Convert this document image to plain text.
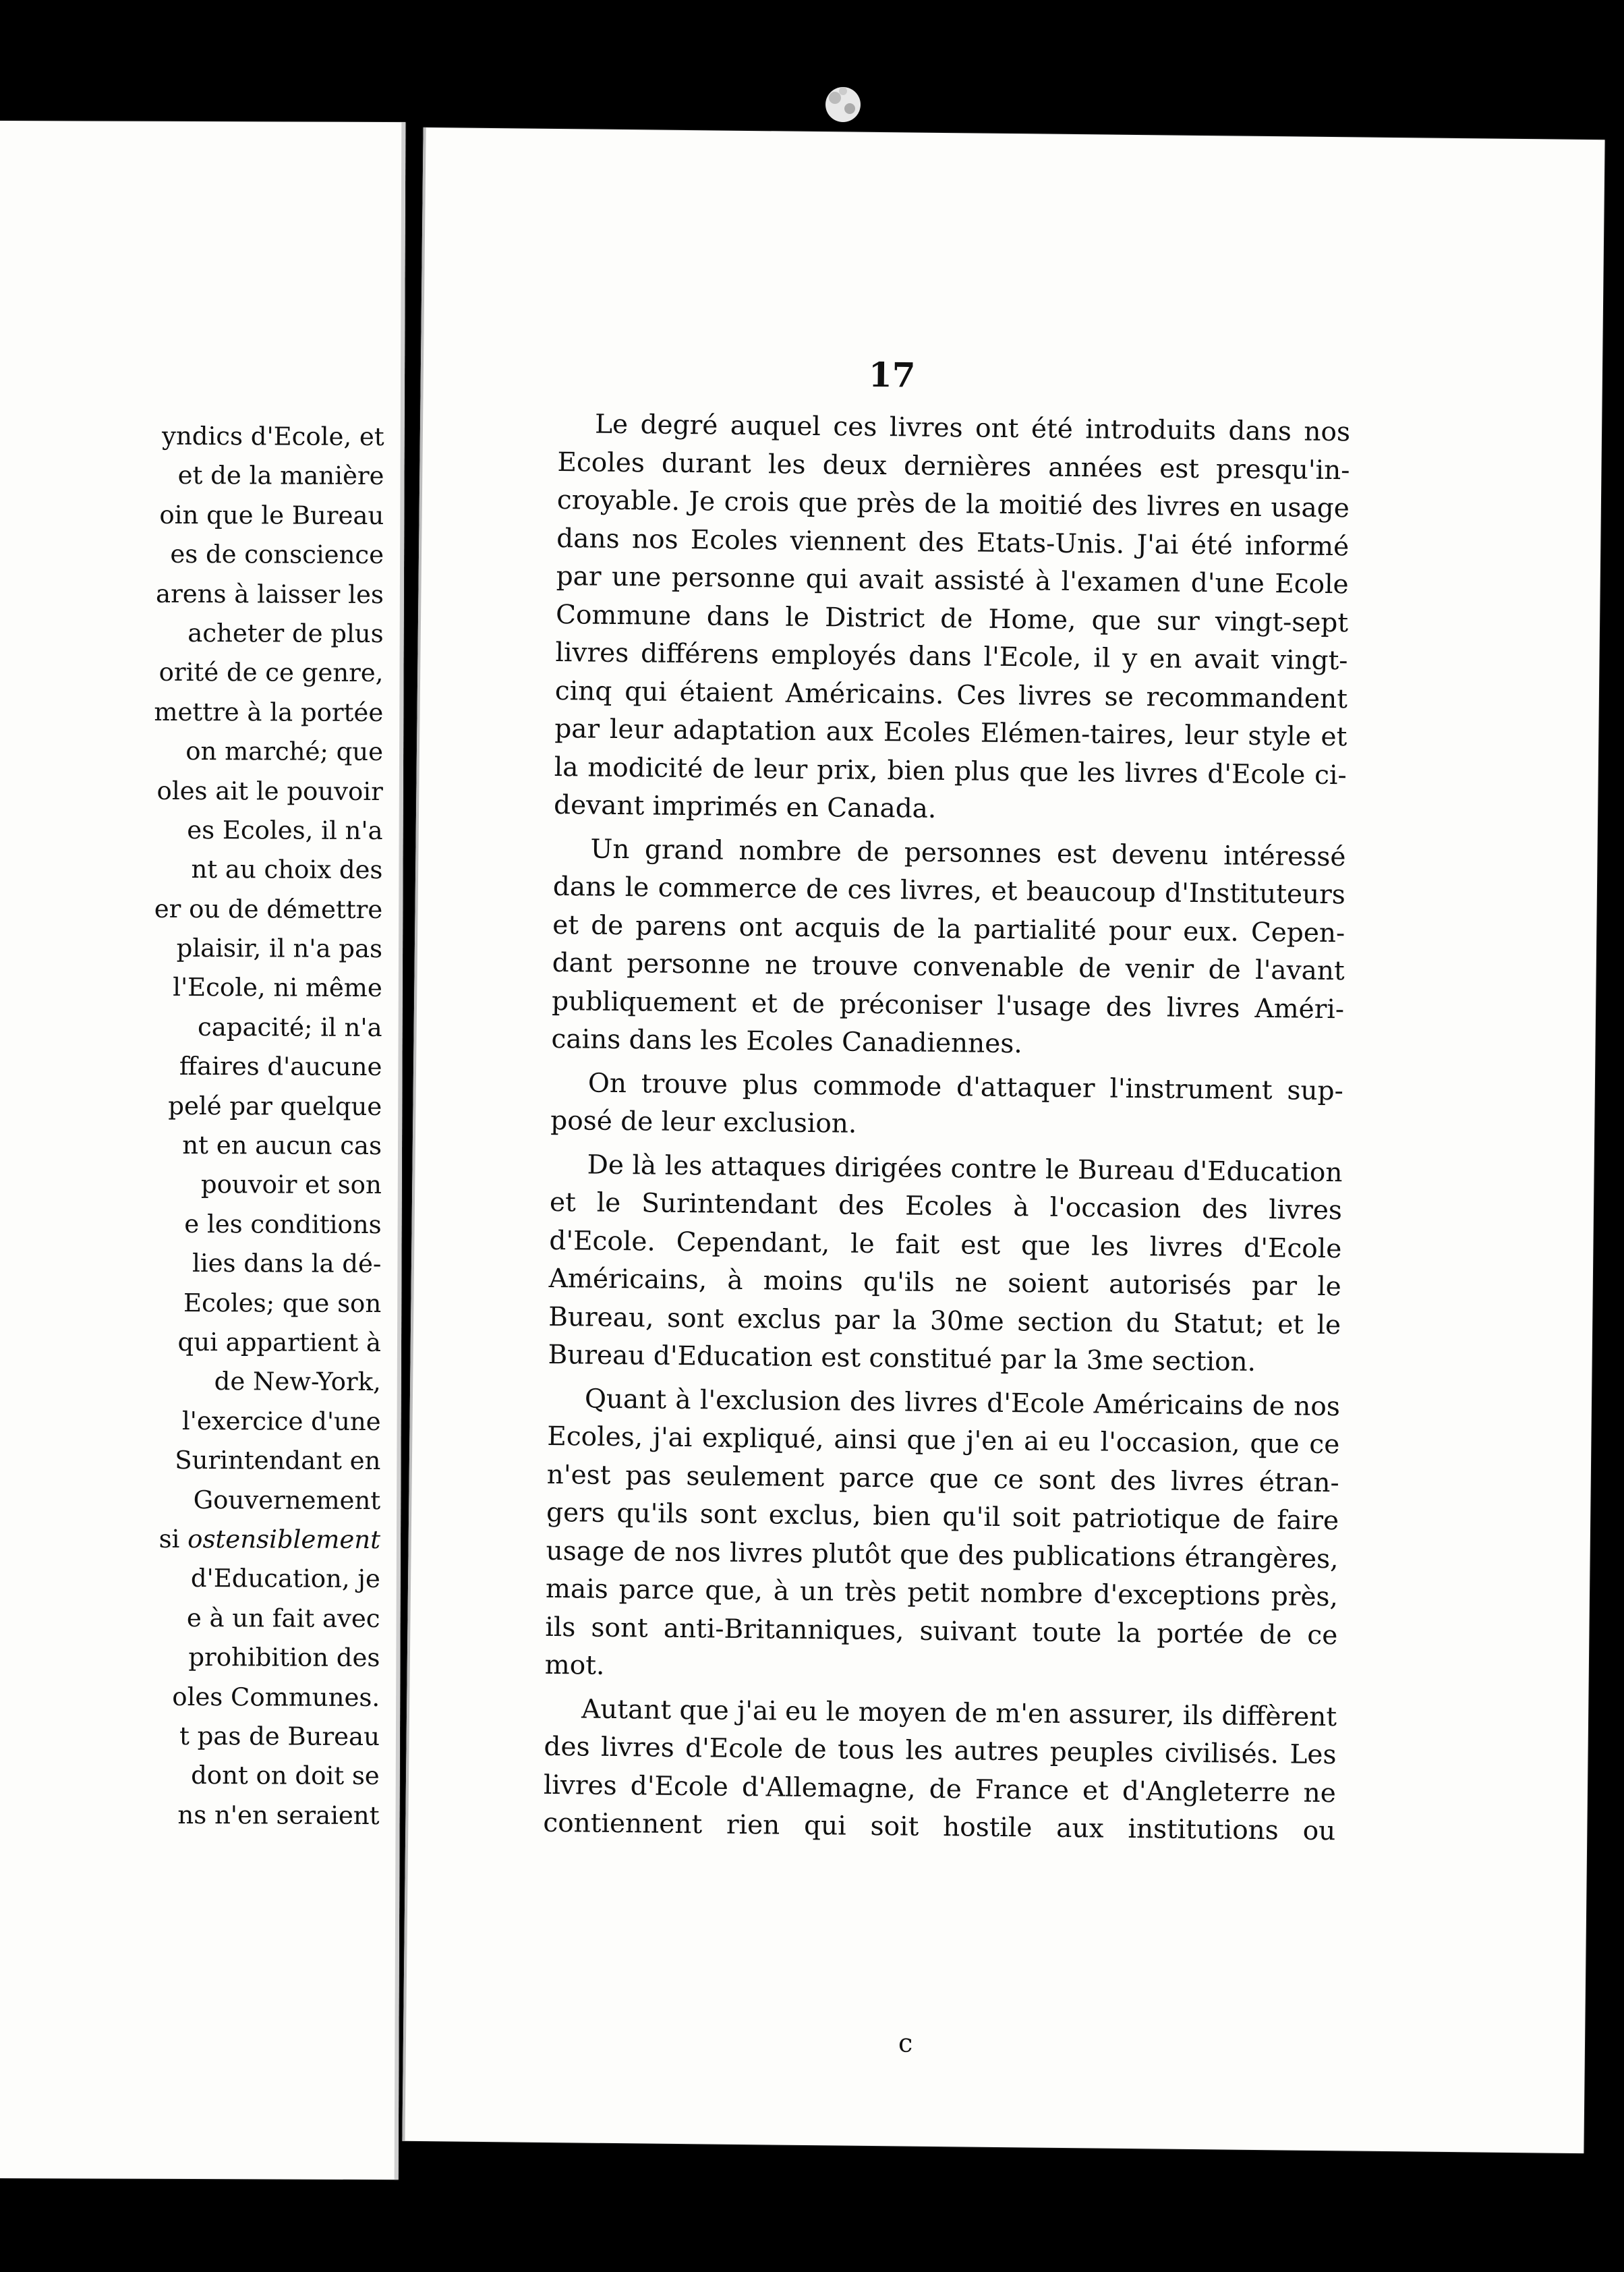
yndics d'Ecole, et
et de la manière
oin que le Bureau
es de conscience
arens à laisser les
acheter de plus
orité de ce genre,
mettre à la portée
on marché; que
oles ait le pouvoir
es Ecoles, il n'a
nt au choix des
er ou de démettre
plaisir, il n'a pas
l'Ecole, ni même
capacité; il n'a
ffaires d'aucune
pelé par quelque
nt en aucun cas
pouvoir et son
e les conditions
lies dans la dé-
Ecoles; que son
qui appartient à
de New-York,
l'exercice d'une
Surintendant en
Gouvernement
si ostensiblement
d'Education, je
e à un fait avec
prohibition des
oles Communes.
t pas de Bureau
dont on doit se
ns n'en seraient
17

Le degré auquel ces livres ont été introduits dans nos Ecoles durant les deux dernières années est presqu'in-croyable. Je crois que près de la moitié des livres en usage dans nos Ecoles viennent des Etats-Unis. J'ai été informé par une personne qui avait assisté à l'examen d'une Ecole Commune dans le District de Home, que sur vingt-sept livres différens employés dans l'Ecole, il y en avait vingt-cinq qui étaient Américains. Ces livres se recommandent par leur adaptation aux Ecoles Elémen-taires, leur style et la modicité de leur prix, bien plus que les livres d'Ecole ci-devant imprimés en Canada.

Un grand nombre de personnes est devenu intéressé dans le commerce de ces livres, et beaucoup d'Instituteurs et de parens ont acquis de la partialité pour eux. Cepen-dant personne ne trouve convenable de venir de l'avant publiquement et de préconiser l'usage des livres Améri-cains dans les Ecoles Canadiennes.

On trouve plus commode d'attaquer l'instrument sup-posé de leur exclusion.

De là les attaques dirigées contre le Bureau d'Education et le Surintendant des Ecoles à l'occasion des livres d'Ecole. Cependant, le fait est que les livres d'Ecole Américains, à moins qu'ils ne soient autorisés par le Bureau, sont exclus par la 30me section du Statut; et le Bureau d'Education est constitué par la 3me section.

Quant à l'exclusion des livres d'Ecole Américains de nos Ecoles, j'ai expliqué, ainsi que j'en ai eu l'occasion, que ce n'est pas seulement parce que ce sont des livres étran-gers qu'ils sont exclus, bien qu'il soit patriotique de faire usage de nos livres plutôt que des publications étrangères, mais parce que, à un très petit nombre d'exceptions près, ils sont anti-Britanniques, suivant toute la portée de ce mot.

Autant que j'ai eu le moyen de m'en assurer, ils diffèrent des livres d'Ecole de tous les autres peuples civilisés. Les livres d'Ecole d'Allemagne, de France et d'Angleterre ne contiennent rien qui soit hostile aux institutions ou

c
